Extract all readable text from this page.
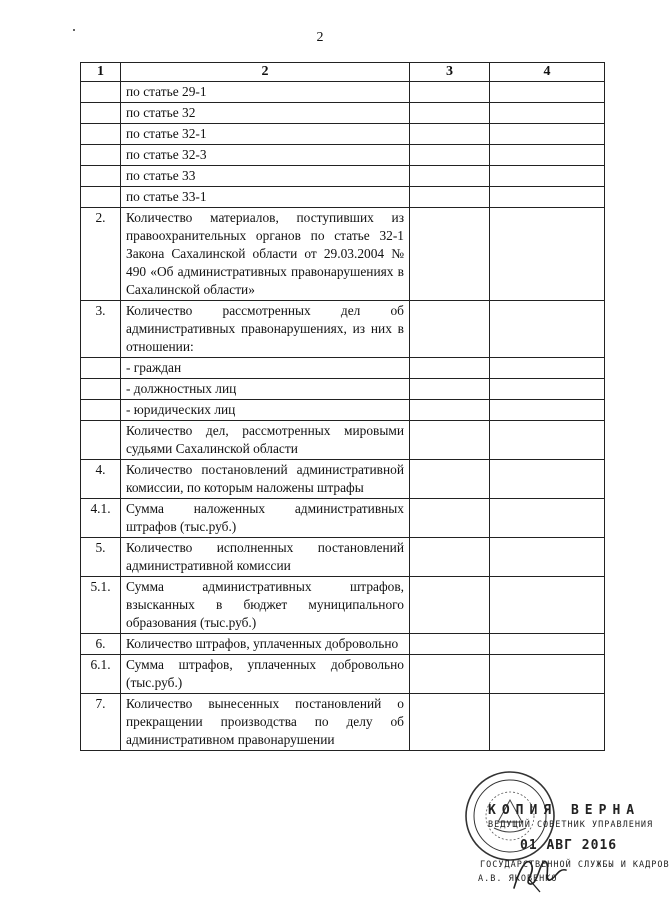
2
1	2	3	4
	по статье 29-1		
	по статье 32		
	по статье 32-1		
	по статье 32-3		
	по статье 33		
	по статье 33-1		
2.	Количество материалов, поступивших из правоохранительных органов по статье 32-1 Закона Сахалинской области от 29.03.2004 № 490 «Об административных правонарушениях в Сахалинской области»		
3.	Количество рассмотренных дел об административных правонарушениях, из них в отношении:		
	- граждан		
	- должностных лиц		
	- юридических лиц		
	Количество дел, рассмотренных мировыми судьями Сахалинской области		
4.	Количество постановлений административной комиссии, по которым наложены штрафы		
4.1.	Сумма наложенных административных штрафов (тыс.руб.)		
5.	Количество исполненных постановлений административной комиссии		
5.1.	Сумма административных штрафов, взысканных в бюджет муниципального образования (тыс.руб.)		
6.	Количество штрафов, уплаченных добровольно		
6.1.	Сумма штрафов, уплаченных добровольно (тыс.руб.)		
7.	Количество вынесенных постановлений о прекращении производства по делу об административном правонарушении		
КОПИЯ ВЕРНА
ВЕДУЩИЙ СОВЕТНИК УПРАВЛЕНИЯ
01 АВГ 2016
ГОСУДАРСТВЕННОЙ СЛУЖБЫ И КАДРОВ
А.В. ЯКОВЕНКО
